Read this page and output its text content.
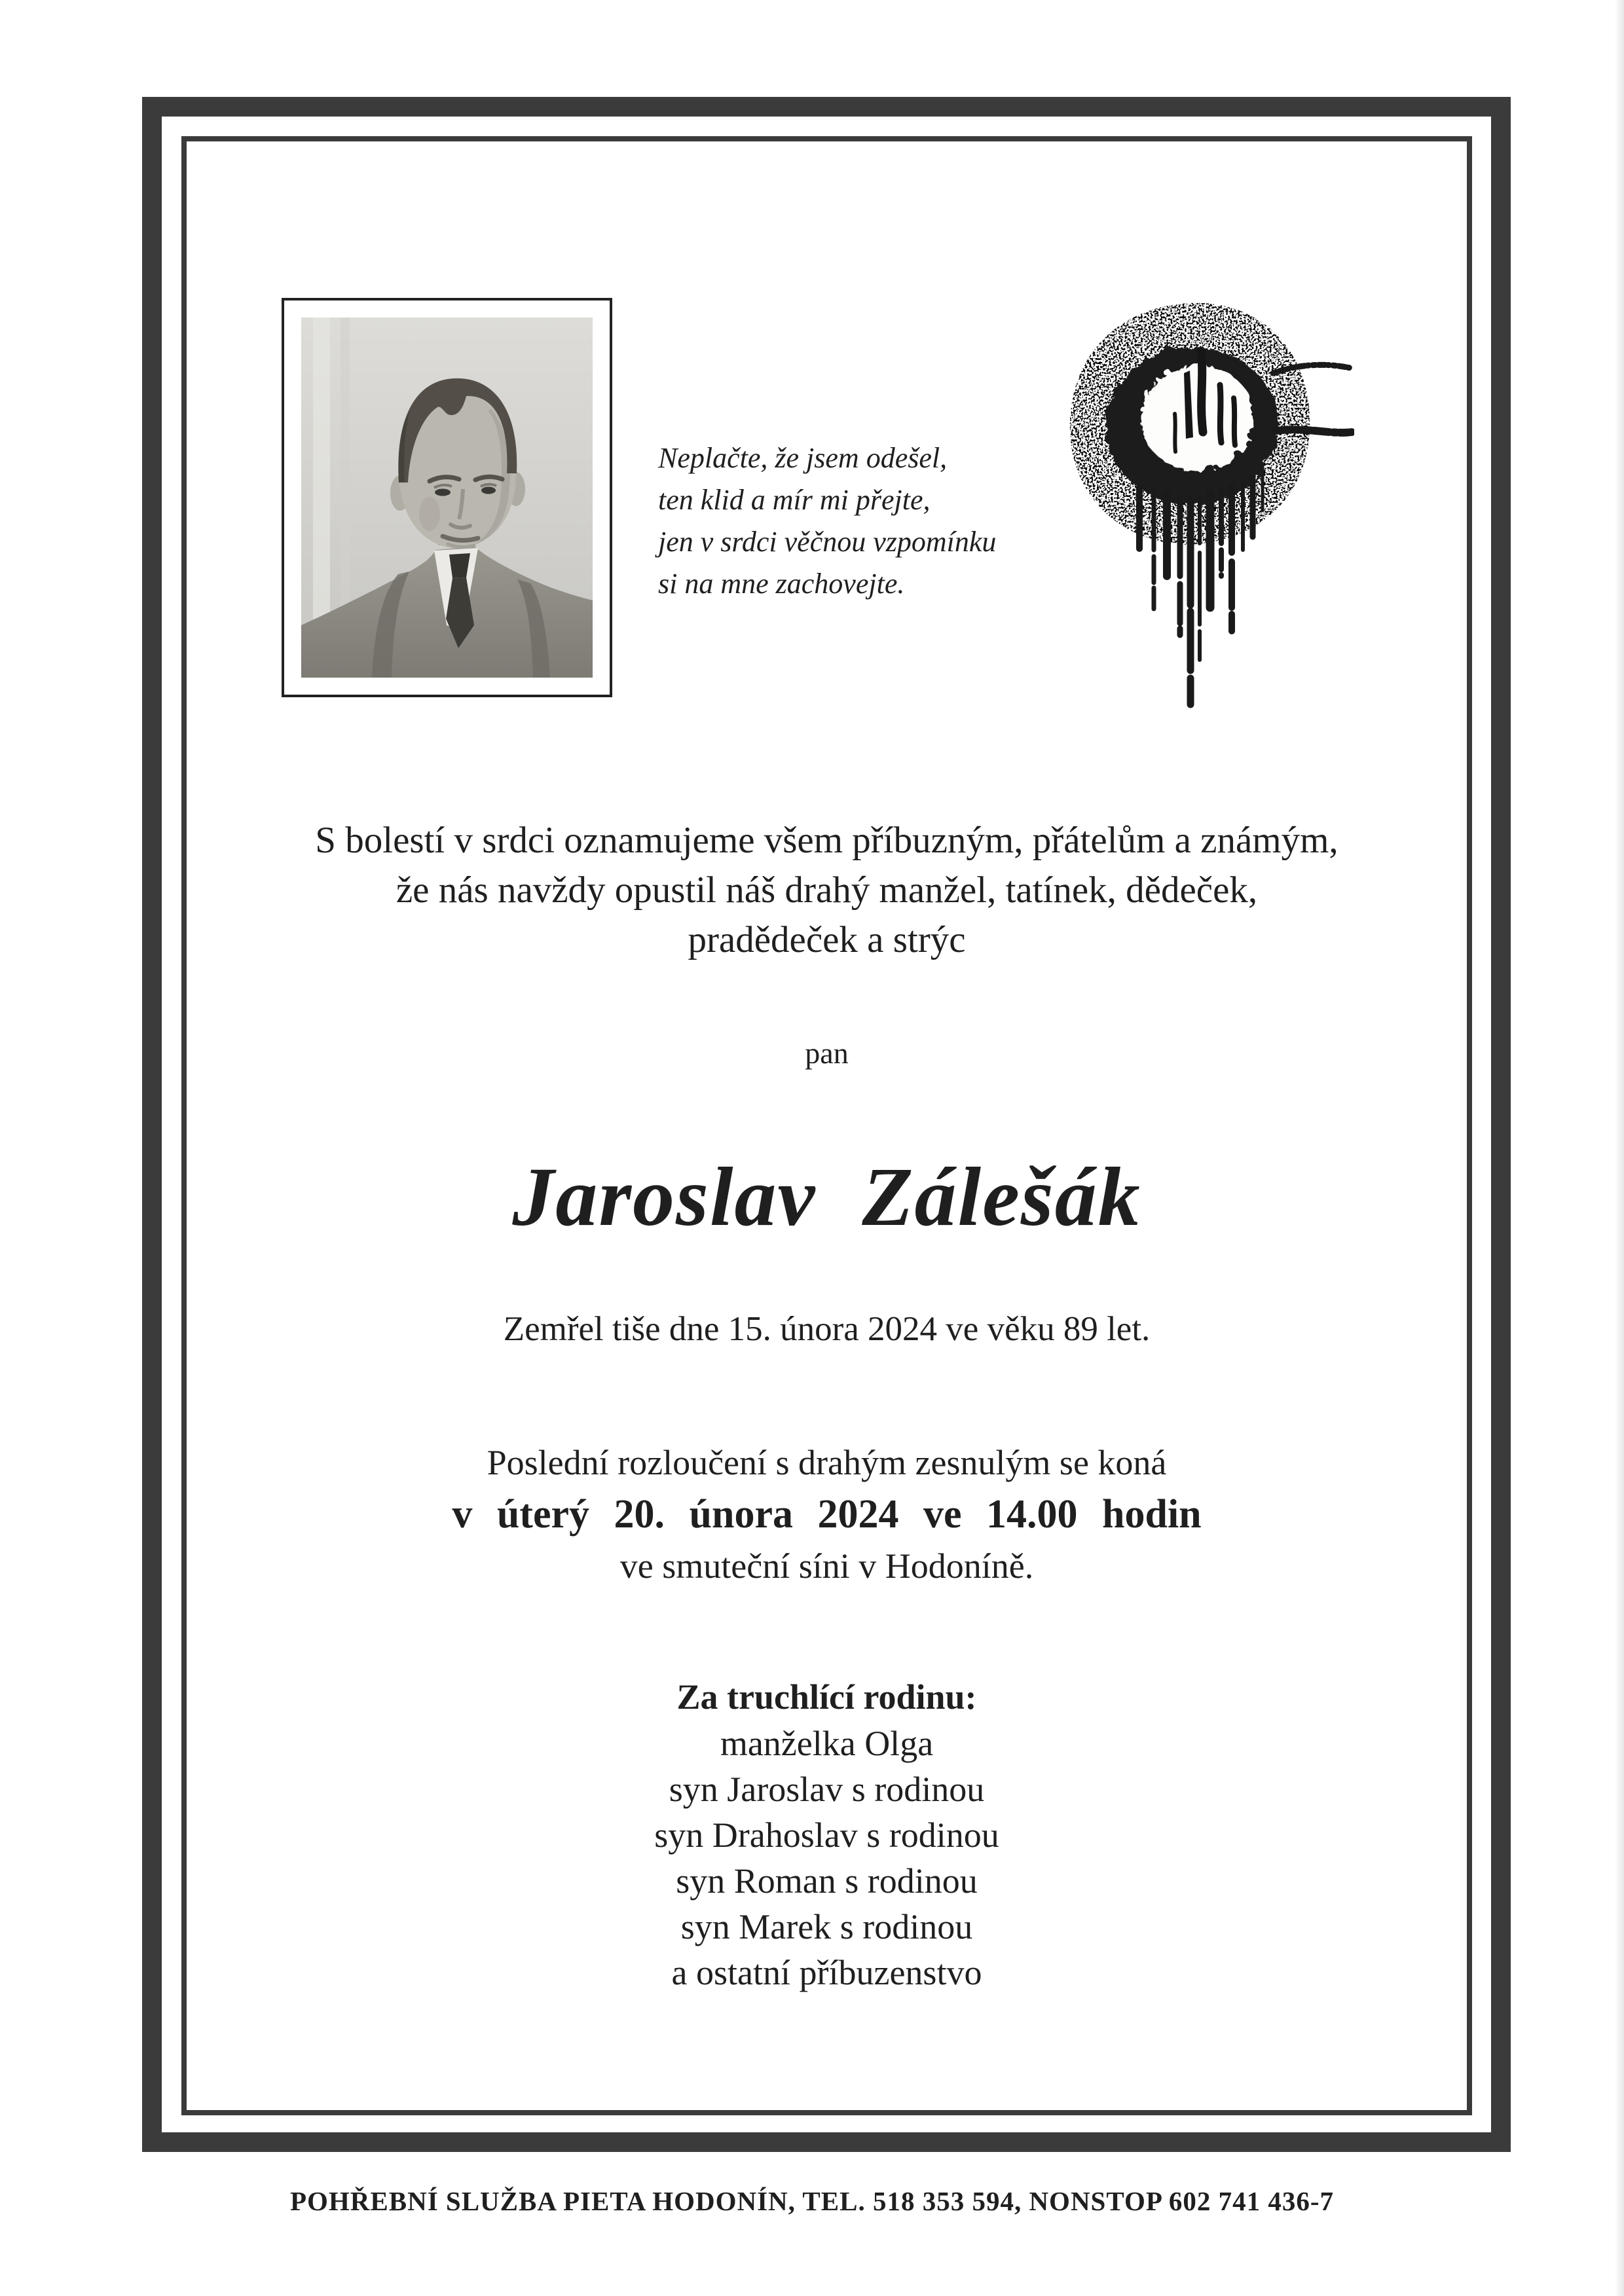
Neplačte, že jsem odešel,
ten klid a mír mi přejte,
jen v srdci věčnou vzpomínku
si na mne zachovejte.
S bolestí v srdci oznamujeme všem příbuzným, přátelům a známým,
že nás navždy opustil náš drahý manžel, tatínek, dědeček,
pradědeček a strýc
pan
Jaroslav Zálešák
Zemřel tiše dne 15. února 2024 ve věku 89 let.
Poslední rozloučení s drahým zesnulým se koná
v úterý 20. února 2024 ve 14.00 hodin
ve smuteční síni v Hodoníně.
Za truchlící rodinu:
manželka Olga
syn Jaroslav s rodinou
syn Drahoslav s rodinou
syn Roman s rodinou
syn Marek s rodinou
a ostatní příbuzenstvo
POHŘEBNÍ SLUŽBA PIETA HODONÍN, TEL. 518 353 594, NONSTOP 602 741 436-7
